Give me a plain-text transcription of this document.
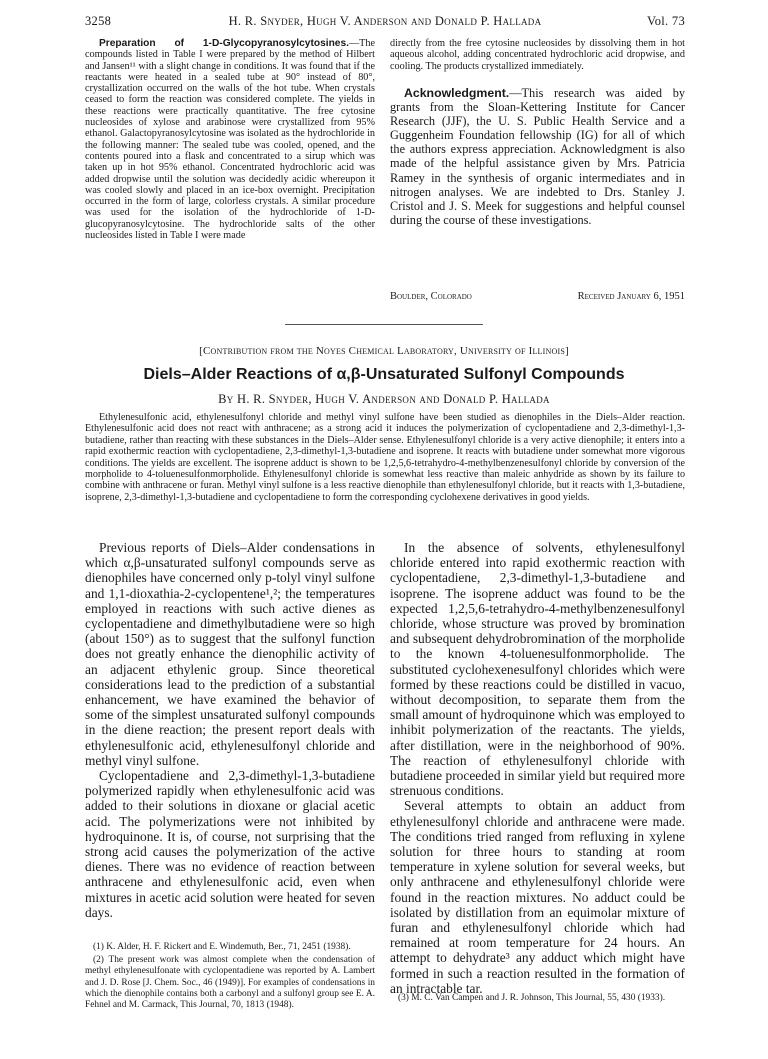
3258	H. R. Snyder, Hugh V. Anderson and Donald P. Hallada	Vol. 73

Preparation of 1-D-Glycopyranosylcytosines.—The compounds listed in Table I were prepared by the method of Hilbert and Jansen¹¹ with a slight change in conditions. It was found that if the reactants were heated in a sealed tube at 90° instead of 80°, crystallization occurred on the walls of the hot tube. When crystals ceased to form the reaction was considered complete. The yields in these reactions were practically quantitative. The free cytosine nucleosides of xylose and arabinose were crystallized from 95% ethanol. Galactopyranosylcytosine was isolated as the hydrochloride in the following manner: The sealed tube was cooled, opened, and the contents poured into a flask and concentrated to a sirup which was taken up in hot 95% ethanol. Concentrated hydrochloric acid was added dropwise until the solution was decidedly acidic whereupon it was cooled slowly and placed in an ice-box overnight. Precipitation occurred in the form of large, colorless crystals. A similar procedure was used for the isolation of the hydrochloride of 1-D-glucopyranosylcytosine. The hydrochloride salts of the other nucleosides listed in Table I were made

directly from the free cytosine nucleosides by dissolving them in hot aqueous alcohol, adding concentrated hydrochloric acid dropwise, and cooling. The products crystallized immediately.

Acknowledgment.—This research was aided by grants from the Sloan-Kettering Institute for Cancer Research (JJF), the U. S. Public Health Service and a Guggenheim Foundation fellowship (IG) for all of which the authors express appreciation. Acknowledgment is also made of the helpful assistance given by Mrs. Patricia Ramey in the synthesis of organic intermediates and in nitrogen analyses. We are indebted to Drs. Stanley J. Cristol and J. S. Meek for suggestions and helpful counsel during the course of these investigations.

Boulder, Colorado	Received January 6, 1951
[Contribution from the Noyes Chemical Laboratory, University of Illinois]
Diels–Alder Reactions of α,β-Unsaturated Sulfonyl Compounds
By H. R. Snyder, Hugh V. Anderson and Donald P. Hallada

Ethylenesulfonic acid, ethylenesulfonyl chloride and methyl vinyl sulfone have been studied as dienophiles in the Diels–Alder reaction. Ethylenesulfonic acid does not react with anthracene; as a strong acid it induces the polymerization of cyclopentadiene and 2,3-dimethyl-1,3-butadiene, rather than reacting with these substances in the Diels–Alder sense. Ethylenesulfonyl chloride is a very active dienophile; it enters into a rapid exothermic reaction with cyclopentadiene, 2,3-dimethyl-1,3-butadiene and isoprene. It reacts with butadiene under somewhat more vigorous conditions. The yields are excellent. The isoprene adduct is shown to be 1,2,5,6-tetrahydro-4-methylbenzenesulfonyl chloride by conversion of the morpholide to 4-toluenesulfonmorpholide. Ethylenesulfonyl chloride is somewhat less reactive than maleic anhydride as shown by its failure to combine with anthracene or furan. Methyl vinyl sulfone is a less reactive dienophile than ethylenesulfonyl chloride, but it reacts with 1,3-butadiene, isoprene, 2,3-dimethyl-1,3-butadiene and cyclopentadiene to form the corresponding cyclohexene derivatives in good yields.

Previous reports of Diels–Alder condensations in which α,β-unsaturated sulfonyl compounds serve as dienophiles have concerned only p-tolyl vinyl sulfone and 1,1-dioxathia-2-cyclopentene¹,²; the temperatures employed in reactions with such active dienes as cyclopentadiene and dimethylbutadiene were so high (about 150°) as to suggest that the sulfonyl function does not greatly enhance the dienophilic activity of an adjacent ethylenic group. Since theoretical considerations lead to the prediction of a substantial enhancement, we have examined the behavior of some of the simplest unsaturated sulfonyl compounds in the diene reaction; the present report deals with ethylenesulfonic acid, ethylenesulfonyl chloride and methyl vinyl sulfone.

Cyclopentadiene and 2,3-dimethyl-1,3-butadiene polymerized rapidly when ethylenesulfonic acid was added to their solutions in dioxane or glacial acetic acid. The polymerizations were not inhibited by hydroquinone. It is, of course, not surprising that the strong acid causes the polymerization of the active dienes. There was no evidence of reaction between anthracene and ethylenesulfonic acid, even when mixtures in acetic acid solution were heated for seven days.

(1) K. Alder, H. F. Rickert and E. Windemuth, Ber., 71, 2451 (1938).

(2) The present work was almost complete when the condensation of methyl ethylenesulfonate with cyclopentadiene was reported by A. Lambert and J. D. Rose [J. Chem. Soc., 46 (1949)]. For examples of condensations in which the dienophile contains both a carbonyl and a sulfonyl group see E. A. Fehnel and M. Carmack, This Journal, 70, 1813 (1948).

In the absence of solvents, ethylenesulfonyl chloride entered into rapid exothermic reaction with cyclopentadiene, 2,3-dimethyl-1,3-butadiene and isoprene. The isoprene adduct was found to be the expected 1,2,5,6-tetrahydro-4-methylbenzenesulfonyl chloride, whose structure was proved by bromination and subsequent dehydrobromination of the morpholide to the known 4-toluenesulfonmorpholide. The substituted cyclohexenesulfonyl chlorides which were formed by these reactions could be distilled in vacuo, without decomposition, to separate them from the small amount of hydroquinone which was employed to inhibit polymerization of the reactants. The yields, after distillation, were in the neighborhood of 90%. The reaction of ethylenesulfonyl chloride with butadiene proceeded in similar yield but required more strenuous conditions.

Several attempts to obtain an adduct from ethylenesulfonyl chloride and anthracene were made. The conditions tried ranged from refluxing in xylene solution for three hours to standing at room temperature in xylene solution for several weeks, but only anthracene and ethylenesulfonyl chloride were found in the reaction mixtures. No adduct could be isolated by distillation from an equimolar mixture of furan and ethylenesulfonyl chloride which had remained at room temperature for 24 hours. An attempt to dehydrate³ any adduct which might have formed in such a reaction resulted in the formation of an intractable tar.

(3) M. C. Van Campen and J. R. Johnson, This Journal, 55, 430 (1933).
